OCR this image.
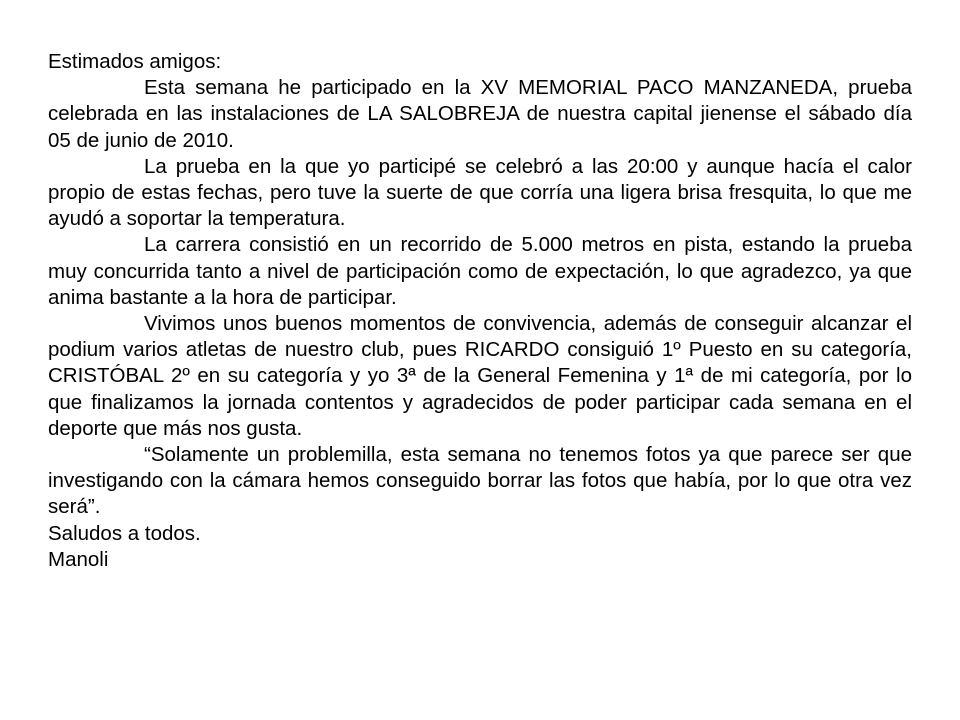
Estimados amigos:

Esta semana he participado en la XV MEMORIAL PACO MANZANEDA, prueba celebrada en las instalaciones de LA SALOBREJA de nuestra capital jienense el sábado día 05 de junio de 2010.

La prueba en la que yo participé se celebró a las 20:00 y aunque hacía el calor propio de estas fechas, pero tuve la suerte de que corría una ligera brisa fresquita, lo que me ayudó a soportar la temperatura.

La carrera consistió en un recorrido de 5.000 metros en pista, estando la prueba muy concurrida tanto a nivel de participación como de expectación, lo que agradezco, ya que anima bastante a la hora de participar.

Vivimos unos buenos momentos de convivencia, además de conseguir alcanzar el podium varios atletas de nuestro club, pues RICARDO consiguió 1º Puesto en su categoría, CRISTÓBAL 2º en su categoría y yo 3ª de la General Femenina y 1ª de mi categoría, por lo que finalizamos la jornada contentos y agradecidos de poder participar cada semana en el deporte que más nos gusta.

“Solamente un problemilla, esta semana no tenemos fotos ya que parece ser que investigando con la cámara hemos conseguido borrar las fotos que había, por lo que otra vez será”.

Saludos a todos.

Manoli
